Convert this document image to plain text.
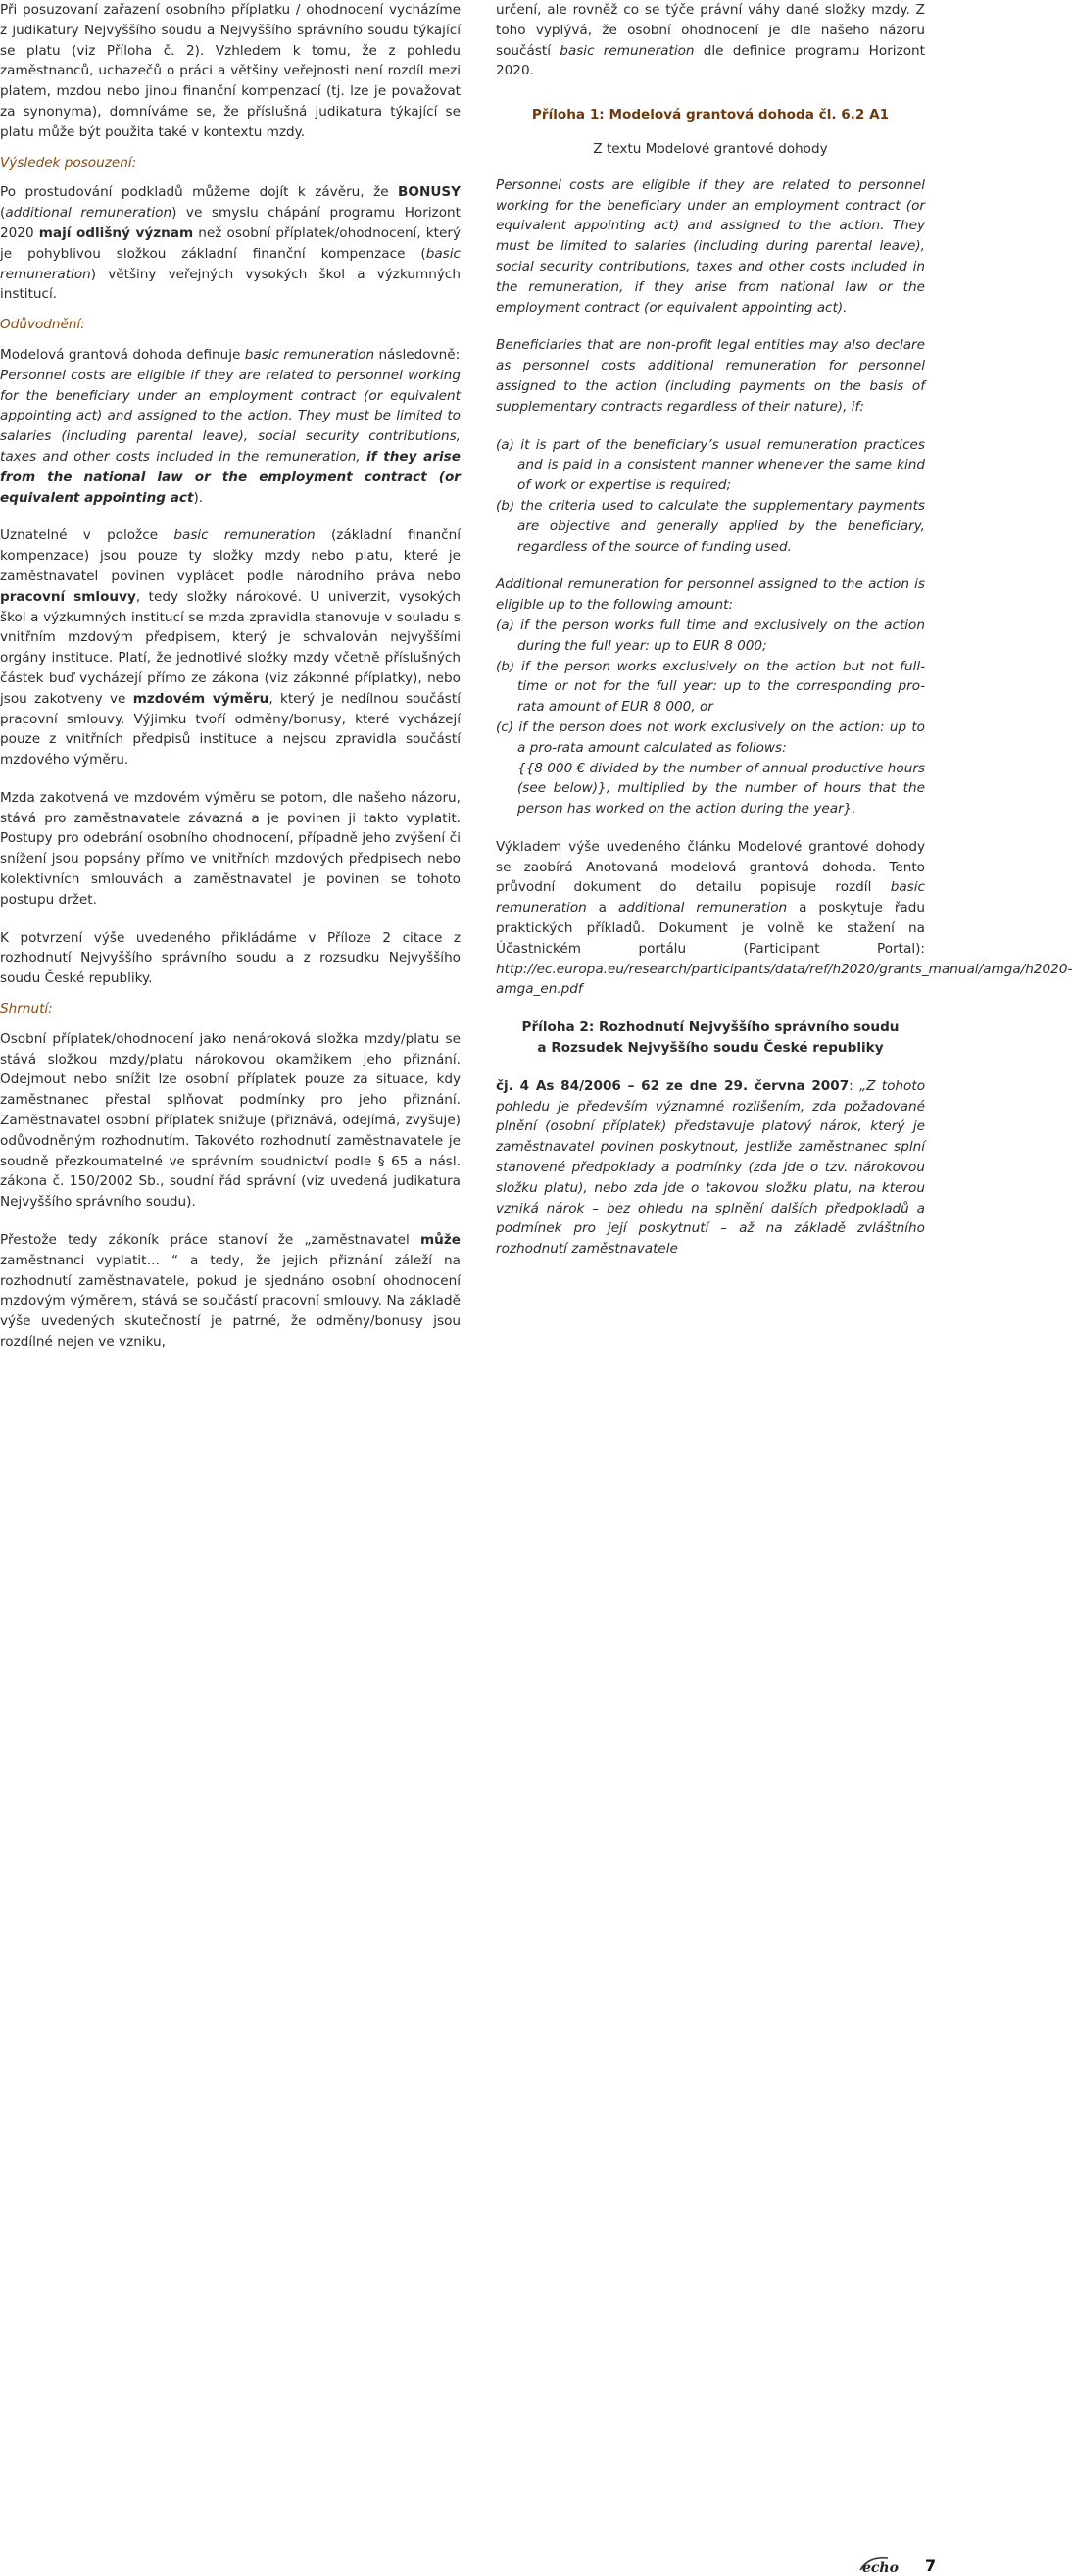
Při posuzovaní zařazení osobního příplatku / ohodnocení vycházíme z judikatury Nejvyššího soudu a Nejvyššího správního soudu týkající se platu (viz Příloha č. 2). Vzhledem k tomu, že z pohledu zaměstnanců, uchazečů o práci a většiny veřejnosti není rozdíl mezi platem, mzdou nebo jinou finanční kompenzací (tj. lze je považovat za synonyma), domníváme se, že příslušná judikatura týkající se platu může být použita také v kontextu mzdy.

Výsledek posouzení:

Po prostudování podkladů můžeme dojít k závěru, že BONUSY (additional remuneration) ve smyslu chápání programu Horizont 2020 mají odlišný význam než osobní příplatek/ohodnocení, který je pohyblivou složkou základní finanční kompenzace (basic remuneration) většiny veřejných vysokých škol a výzkumných institucí.

Odůvodnění:

Modelová grantová dohoda definuje basic remuneration následovně:
Personnel costs are eligible if they are related to personnel working for the beneficiary under an employment contract (or equivalent appointing act) and assigned to the action. They must be limited to salaries (including parental leave), social security contributions, taxes and other costs included in the remuneration, if they arise from the national law or the employment contract (or equivalent appointing act).

Uznatelné v položce basic remuneration (základní finanční kompenzace) jsou pouze ty složky mzdy nebo platu, které je zaměstnavatel povinen vyplácet podle národního práva nebo pracovní smlouvy, tedy složky nárokové. U univerzit, vysokých škol a výzkumných institucí se mzda zpravidla stanovuje v souladu s vnitřním mzdovým předpisem, který je schvalován nejvyššími orgány instituce. Platí, že jednotlivé složky mzdy včetně příslušných částek buď vycházejí přímo ze zákona (viz zákonné příplatky), nebo jsou zakotveny ve mzdovém výměru, který je nedílnou součástí pracovní smlouvy. Výjimku tvoří odměny/bonusy, které vycházejí pouze z vnitřních předpisů instituce a nejsou zpravidla součástí mzdového výměru.

Mzda zakotvená ve mzdovém výměru se potom, dle našeho názoru, stává pro zaměstnavatele závazná a je povinen ji takto vyplatit. Postupy pro odebrání osobního ohodnocení, případně jeho zvýšení či snížení jsou popsány přímo ve vnitřních mzdových předpisech nebo kolektivních smlouvách a zaměstnavatel je povinen se tohoto postupu držet.

K potvrzení výše uvedeného přikládáme v Příloze 2 citace z rozhodnutí Nejvyššího správního soudu a z rozsudku Nejvyššího soudu České republiky.

Shrnutí:

Osobní příplatek/ohodnocení jako nenároková složka mzdy/platu se stává složkou mzdy/platu nárokovou okamžikem jeho přiznání. Odejmout nebo snížit lze osobní příplatek pouze za situace, kdy zaměstnanec přestal splňovat podmínky pro jeho přiznání. Zaměstnavatel osobní příplatek snižuje (přiznává, odejímá, zvyšuje) odůvodněným rozhodnutím. Takovéto rozhodnutí zaměstnavatele je soudně přezkoumatelné ve správním soudnictví podle § 65 a násl. zákona č. 150/2002 Sb., soudní řád správní (viz uvedená judikatura Nejvyššího správního soudu).

Přestože tedy zákoník práce stanoví že „zaměstnavatel může zaměstnanci vyplatit… “ a tedy, že jejich přiznání záleží na rozhodnutí zaměstnavatele, pokud je sjednáno osobní ohodnocení mzdovým výměrem, stává se součástí pracovní smlouvy. Na základě výše uvedených skutečností je patrné, že odměny/bonusy jsou rozdílné nejen ve vzniku,

určení, ale rovněž co se týče právní váhy dané složky mzdy. Z toho vyplývá, že osobní ohodnocení je dle našeho názoru součástí basic remuneration dle definice programu Horizont 2020.

Příloha 1: Modelová grantová dohoda čl. 6.2 A1

Z textu Modelové grantové dohody

Personnel costs are eligible if they are related to personnel working for the beneficiary under an employment contract (or equivalent appointing act) and assigned to the action. They must be limited to salaries (including during parental leave), social security contributions, taxes and other costs included in the remuneration, if they arise from national law or the employment contract (or equivalent appointing act).

Beneficiaries that are non-profit legal entities may also declare as personnel costs additional remuneration for personnel assigned to the action (including payments on the basis of supplementary contracts regardless of their nature), if:

(a) it is part of the beneficiary’s usual remuneration practices and is paid in a consistent manner whenever the same kind of work or expertise is required;

(b) the criteria used to calculate the supplementary payments are objective and generally applied by the beneficiary, regardless of the source of funding used.

Additional remuneration for personnel assigned to the action is eligible up to the following amount:

(a) if the person works full time and exclusively on the action during the full year: up to EUR 8 000;

(b) if the person works exclusively on the action but not full-time or not for the full year: up to the corresponding pro-rata amount of EUR 8 000, or

(c) if the person does not work exclusively on the action: up to a pro-rata amount calculated as follows:

{{8 000 € divided by the number of annual productive hours (see below)}, multiplied by the number of hours that the person has worked on the action during the year}.

Výkladem výše uvedeného článku Modelové grantové dohody se zaobírá Anotovaná modelová grantová dohoda. Tento průvodní dokument do detailu popisuje rozdíl basic remuneration a additional remuneration a poskytuje řadu praktických příkladů. Dokument je volně ke stažení na Účastnickém portálu (Participant Portal): http://ec.europa.eu/research/participants/data/ref/h2020/grants_manual/amga/h2020-amga_en.pdf

Příloha 2: Rozhodnutí Nejvyššího správního soudu
a Rozsudek Nejvyššího soudu České republiky

čj. 4 As 84/2006 – 62 ze dne 29. června 2007: „Z tohoto pohledu je především významné rozlišením, zda požadované plnění (osobní příplatek) představuje platový nárok, který je zaměstnavatel povinen poskytnout, jestliže zaměstnanec splní stanovené předpoklady a podmínky (zda jde o tzv. nárokovou složku platu), nebo zda jde o takovou složku platu, na kterou vzniká nárok – bez ohledu na splnění dalších předpokladů a podmínek pro její poskytnutí – až na základě zvláštního rozhodnutí zaměstnavatele

echo 7
